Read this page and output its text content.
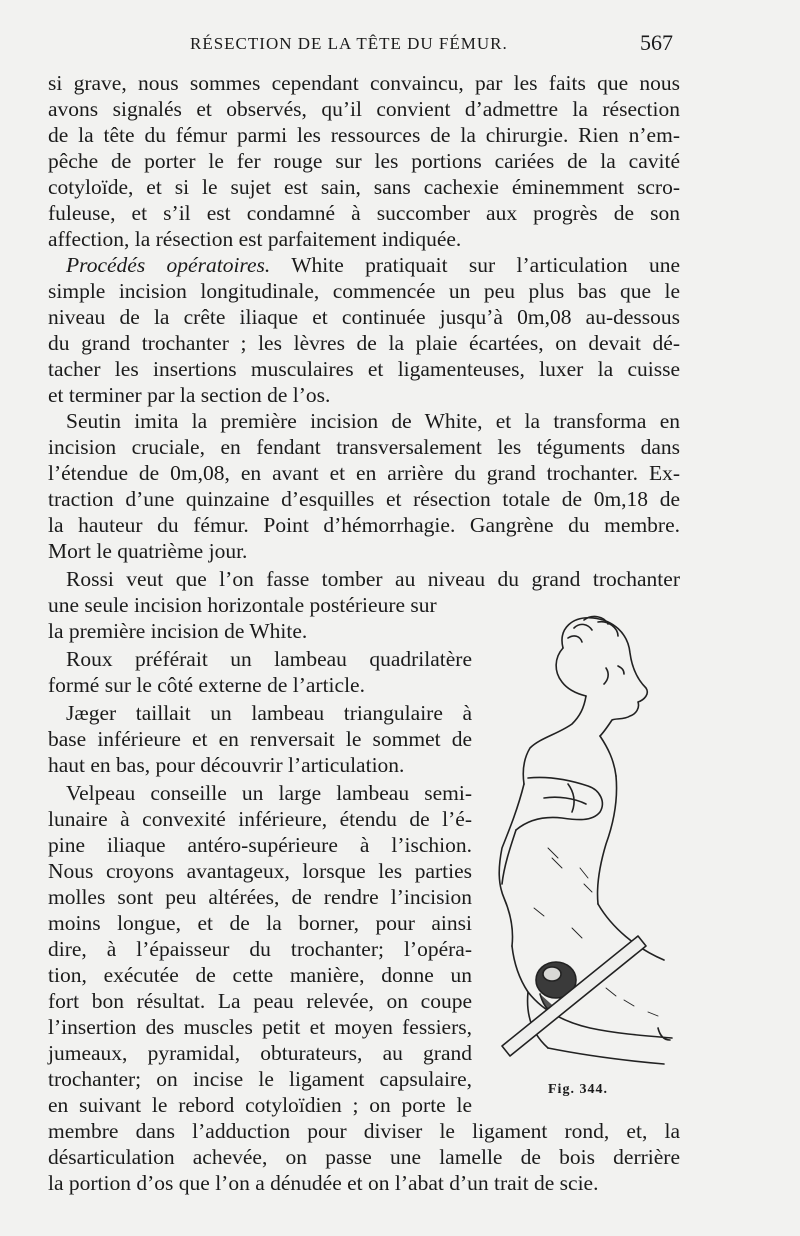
RÉSECTION DE LA TÊTE DU FÉMUR.	567
si grave, nous sommes cependant convaincu, par les faits que nous
avons signalés et observés, qu’il convient d’admettre la résection
de la tête du fémur parmi les ressources de la chirurgie. Rien n’em-
pêche de porter le fer rouge sur les portions cariées de la cavité
cotyloïde, et si le sujet est sain, sans cachexie éminemment scro-
fuleuse, et s’il est condamné à succomber aux progrès de son
affection, la résection est parfaitement indiquée.
Procédés opératoires. White pratiquait sur l’articulation une
simple incision longitudinale, commencée un peu plus bas que le
niveau de la crête iliaque et continuée jusqu’à 0m,08 au-dessous
du grand trochanter ; les lèvres de la plaie écartées, on devait dé-
tacher les insertions musculaires et ligamenteuses, luxer la cuisse
et terminer par la section de l’os.
Seutin imita la première incision de White, et la transforma en
incision cruciale, en fendant transversalement les téguments dans
l’étendue de 0m,08, en avant et en arrière du grand trochanter. Ex-
traction d’une quinzaine d’esquilles et résection totale de 0m,18 de
la hauteur du fémur. Point d’hémorrhagie. Gangrène du membre.
Mort le quatrième jour.
Rossi veut que l’on fasse tomber au niveau du grand trochanter
une seule incision horizontale postérieure sur
la première incision de White.
Roux préférait un lambeau quadrilatère
formé sur le côté externe de l’article.
Jæger taillait un lambeau triangulaire à
base inférieure et en renversait le sommet de
haut en bas, pour découvrir l’articulation.
Velpeau conseille un large lambeau semi-
lunaire à convexité inférieure, étendu de l’é-
pine iliaque antéro-supérieure à l’ischion.
Nous croyons avantageux, lorsque les parties
molles sont peu altérées, de rendre l’incision
moins longue, et de la borner, pour ainsi
dire, à l’épaisseur du trochanter; l’opéra-
tion, exécutée de cette manière, donne un
fort bon résultat. La peau relevée, on coupe
l’insertion des muscles petit et moyen fessiers,
jumeaux, pyramidal, obturateurs, au grand
trochanter; on incise le ligament capsulaire,
en suivant le rebord cotyloïdien ; on porte le
membre dans l’adduction pour diviser le ligament rond, et, la
désarticulation achevée, on passe une lamelle de bois derrière
la portion d’os que l’on a dénudée et on l’abat d’un trait de scie.
Fig. 344.
